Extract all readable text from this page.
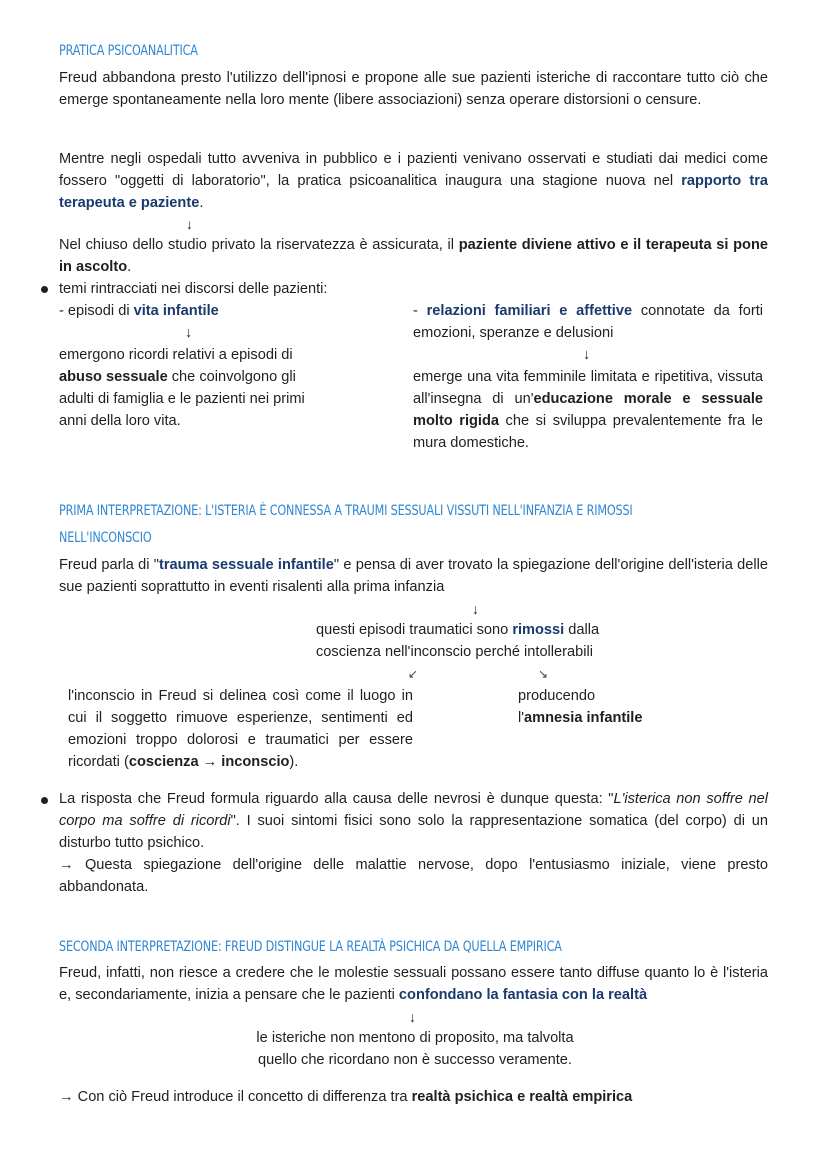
PRATICA PSICOANALITICA
Freud abbandona presto l'utilizzo dell'ipnosi e propone alle sue pazienti isteriche di raccontare tutto ciò che emerge spontaneamente nella loro mente (libere associazioni) senza operare distorsioni o censure.
Mentre negli ospedali tutto avveniva in pubblico e i pazienti venivano osservati e studiati dai medici come fossero "oggetti di laboratorio", la pratica psicoanalitica inaugura una stagione nuova nel rapporto tra terapeuta e paziente.
↓
Nel chiuso dello studio privato la riservatezza è assicurata, il paziente diviene attivo e il terapeuta si pone in ascolto.
temi rintracciati nei discorsi delle pazienti:
- episodi di vita infantile
↓
emergono ricordi relativi a episodi di abuso sessuale che coinvolgono gli adulti di famiglia e le pazienti nei primi anni della loro vita.
- relazioni familiari e affettive connotate da forti emozioni, speranze e delusioni
↓
emerge una vita femminile limitata e ripetitiva, vissuta all'insegna di un'educazione morale e sessuale molto rigida che si sviluppa prevalentemente fra le mura domestiche.
PRIMA INTERPRETAZIONE: L'ISTERIA È CONNESSA A TRAUMI SESSUALI VISSUTI NELL'INFANZIA E RIMOSSI
NELL'INCONSCIO
Freud parla di "trauma sessuale infantile" e pensa di aver trovato la spiegazione dell'origine dell'isteria delle sue pazienti soprattutto in eventi risalenti alla prima infanzia
↓
questi episodi traumatici sono rimossi dalla
coscienza nell'inconscio perché intollerabili
↙	↘
l'inconscio in Freud si delinea così come il luogo in cui il soggetto rimuove esperienze, sentimenti ed emozioni troppo dolorosi e traumatici per essere ricordati (coscienza → inconscio).
producendo
l'amnesia infantile
La risposta che Freud formula riguardo alla causa delle nevrosi è dunque questa: "L'isterica non soffre nel corpo ma soffre di ricordi". I suoi sintomi fisici sono solo la rappresentazione somatica (del corpo) di un disturbo tutto psichico.
→ Questa spiegazione dell'origine delle malattie nervose, dopo l'entusiasmo iniziale, viene presto abbandonata.
SECONDA INTERPRETAZIONE: FREUD DISTINGUE LA REALTÀ PSICHICA DA QUELLA EMPIRICA
Freud, infatti, non riesce a credere che le molestie sessuali possano essere tanto diffuse quanto lo è l'isteria e, secondariamente, inizia a pensare che le pazienti confondano la fantasia con la realtà
↓
le isteriche non mentono di proposito, ma talvolta
quello che ricordano non è successo veramente.
→ Con ciò Freud introduce il concetto di differenza tra realtà psichica e realtà empirica
